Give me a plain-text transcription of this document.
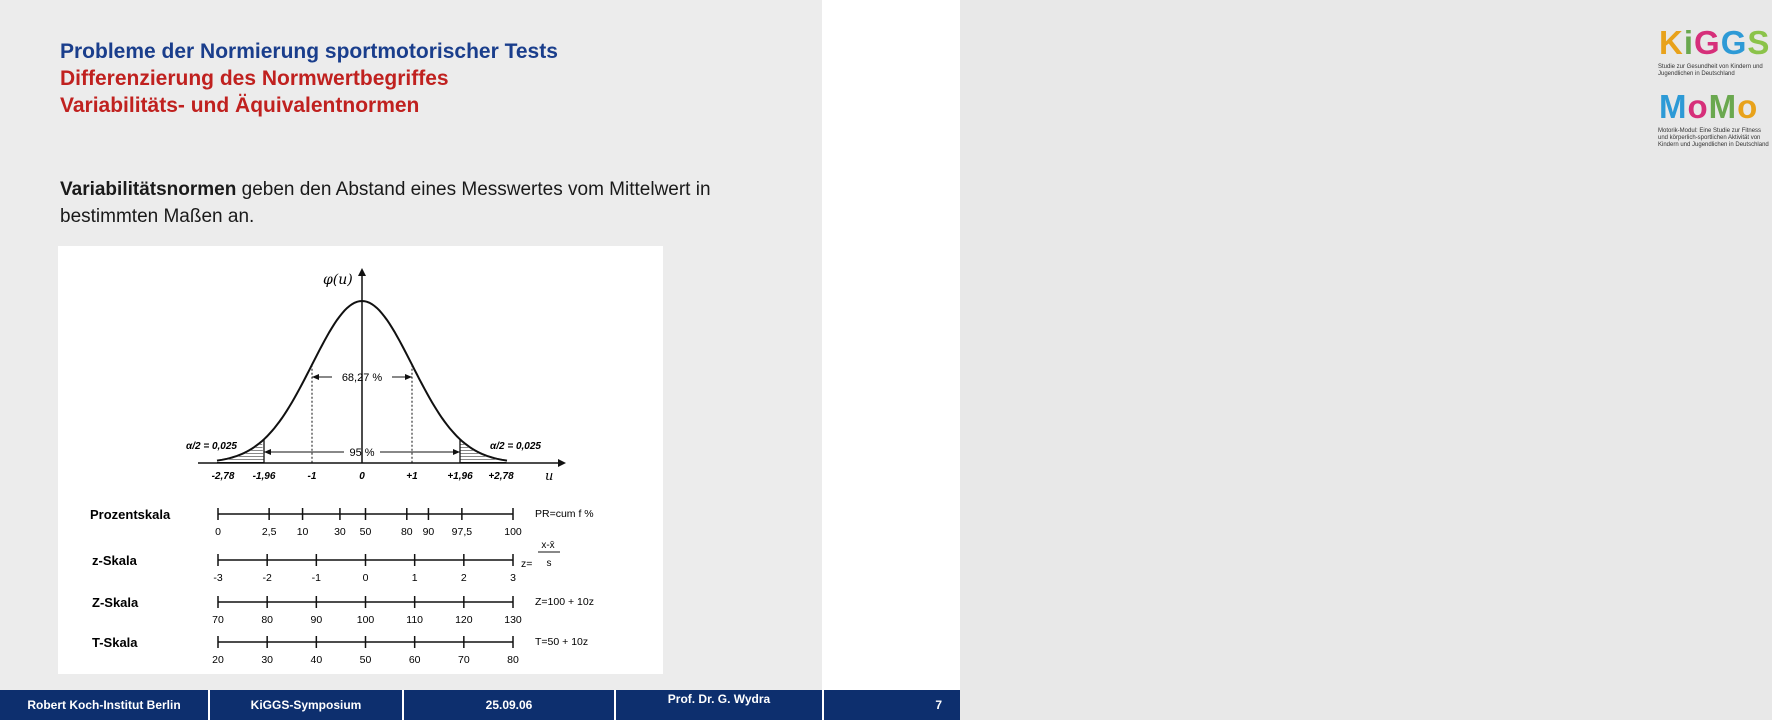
Probleme der Normierung sportmotorischer Tests
Differenzierung des Normwertbegriffes
Variabilitäts- und Äquivalentnormen
Variabilitätsnormen geben den Abstand eines Messwertes vom Mittelwert in bestimmten Maßen an.
φ(u)
u
68,27 %
95 %
α/2 = 0,025	α/2 = 0,025
-2,78 -1,96	-1	0	+1	+1,96 +2,78
Prozentskala
0	2,5 10 30 50	80 90 97,5	100
PR=cum f %
z-Skala
-3	-2	-1	0	1	2	3
z=
Z-Skala
70	80	90	100	110	120	130
Z=100 + 10z
T-Skala
20	30	40	50	60	70	80
T=50 + 10z
x-x̄
s
KiGGS
Studie zur Gesundheit von Kindern und Jugendlichen in Deutschland
MoMo
Motorik-Modul: Eine Studie zur Fitness und körperlich-sportlichen Aktivität von Kindern und Jugendlichen in Deutschland
Robert Koch-Institut Berlin	KiGGS-Symposium	25.09.06	Prof. Dr. G. Wydra	7
